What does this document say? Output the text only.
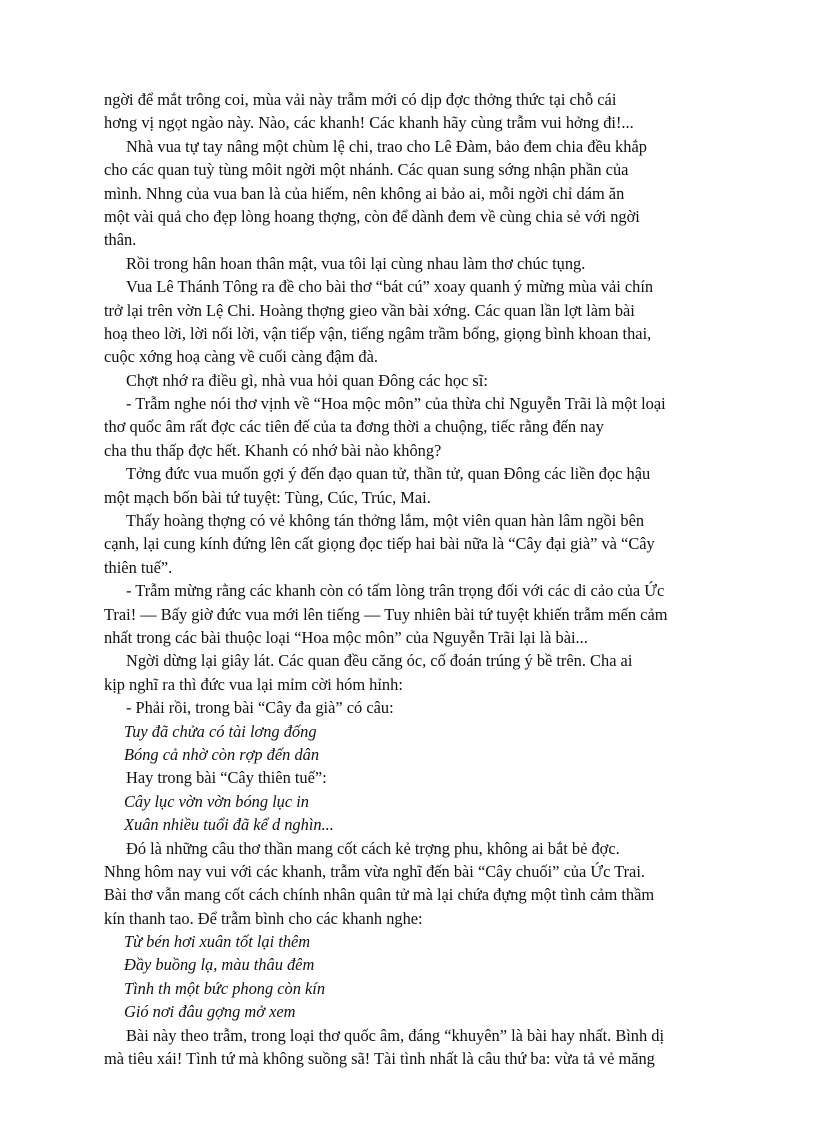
ngời để mắt trông coi, mùa vải này trẫm mới có dịp đợc thởng thức tại chỗ cái
hơng vị ngọt ngào này. Nào, các khanh! Các khanh hãy cùng trẫm vui hởng đi!...
Nhà vua tự tay nâng một chùm lệ chi, trao cho Lê Đàm, bảo đem chia đều khắp
cho các quan tuỳ tùng môit ngời một nhánh. Các quan sung sớng nhận phần của
mình. Nhng của vua ban là của hiếm, nên không ai bảo ai, mỗi ngời chỉ dám ăn
một vài quả cho đẹp lòng hoang thợng, còn để dành đem về cùng chia sẻ với ngời
thân.
Rồi trong hân hoan thân mật, vua tôi lại cùng nhau làm thơ chúc tụng.
Vua Lê Thánh Tông ra đề cho bài thơ “bát cú” xoay quanh ý mừng mùa vải chín
trở lại trên vờn Lệ Chi. Hoàng thợng gieo vần bài xớng. Các quan lần lợt làm bài
hoạ theo lời, lời nối lời, vận tiếp vận, tiếng ngâm trầm bổng, giọng bình khoan thai,
cuộc xớng hoạ càng về cuối càng đậm đà.
Chợt nhớ ra điều gì, nhà vua hỏi quan Đông các học sĩ:
- Trẫm nghe nói thơ vịnh về “Hoa mộc môn” của thừa chỉ Nguyễn Trãi là một loại
thơ quốc âm rất đợc các tiên đế của ta đơng thời a chuộng, tiếc rằng đến nay
cha thu thấp đợc hết. Khanh có nhớ bài nào không?
Tởng đức vua muốn gợi ý đến đạo quan tử, thần tử, quan Đông các liền đọc hậu
một mạch bốn bài tứ tuyệt: Tùng, Cúc, Trúc, Mai.
Thấy hoàng thợng có vẻ không tán thởng lắm, một viên quan hàn lâm ngồi bên
cạnh, lại cung kính đứng lên cất giọng đọc tiếp hai bài nữa là “Cây đại già” và “Cây
thiên tuế”.
- Trẫm mừng rằng các khanh còn có tấm lòng trân trọng đối với các di cảo của Ức
Trai! — Bấy giờ đức vua mới lên tiếng — Tuy nhiên bài tứ tuyệt khiến trẫm mến cảm
nhất trong các bài thuộc loại “Hoa mộc môn” của Nguyễn Trãi lại là bài...
Ngời dừng lại giây lát. Các quan đều căng óc, cố đoán trúng ý bề trên. Cha ai
kịp nghĩ ra thì đức vua lại mỉm cời hóm hỉnh:
- Phải rồi, trong bài “Cây đa già” có câu:
Tuy đã chửa có tài lơng đống
Bóng cả nhờ còn rợp đến dân
Hay trong bài “Cây thiên tuế”:
Cây lục vờn vờn bóng lục in
Xuân nhiều tuổi đã kể d nghìn...
Đó là những câu thơ thần mang cốt cách kẻ trợng phu, không ai bắt bẻ đợc.
Nhng hôm nay vui với các khanh, trẫm vừa nghĩ đến bài “Cây chuối” của Ức Trai.
Bài thơ vẫn mang cốt cách chính nhân quân tử mà lại chứa đựng một tình cảm thầm
kín thanh tao. Để trẫm bình cho các khanh nghe:
Từ bén hơi xuân tốt lại thêm
Đầy buồng lạ, màu thâu đêm
Tình th một bức phong còn kín
Gió nơi đâu gợng mở xem
Bài này theo trẫm, trong loại thơ quốc âm, đáng “khuyên” là bài hay nhất. Bình dị
mà tiêu xái! Tình tứ mà không suồng sã! Tài tình nhất là câu thứ ba: vừa tả vẻ măng
